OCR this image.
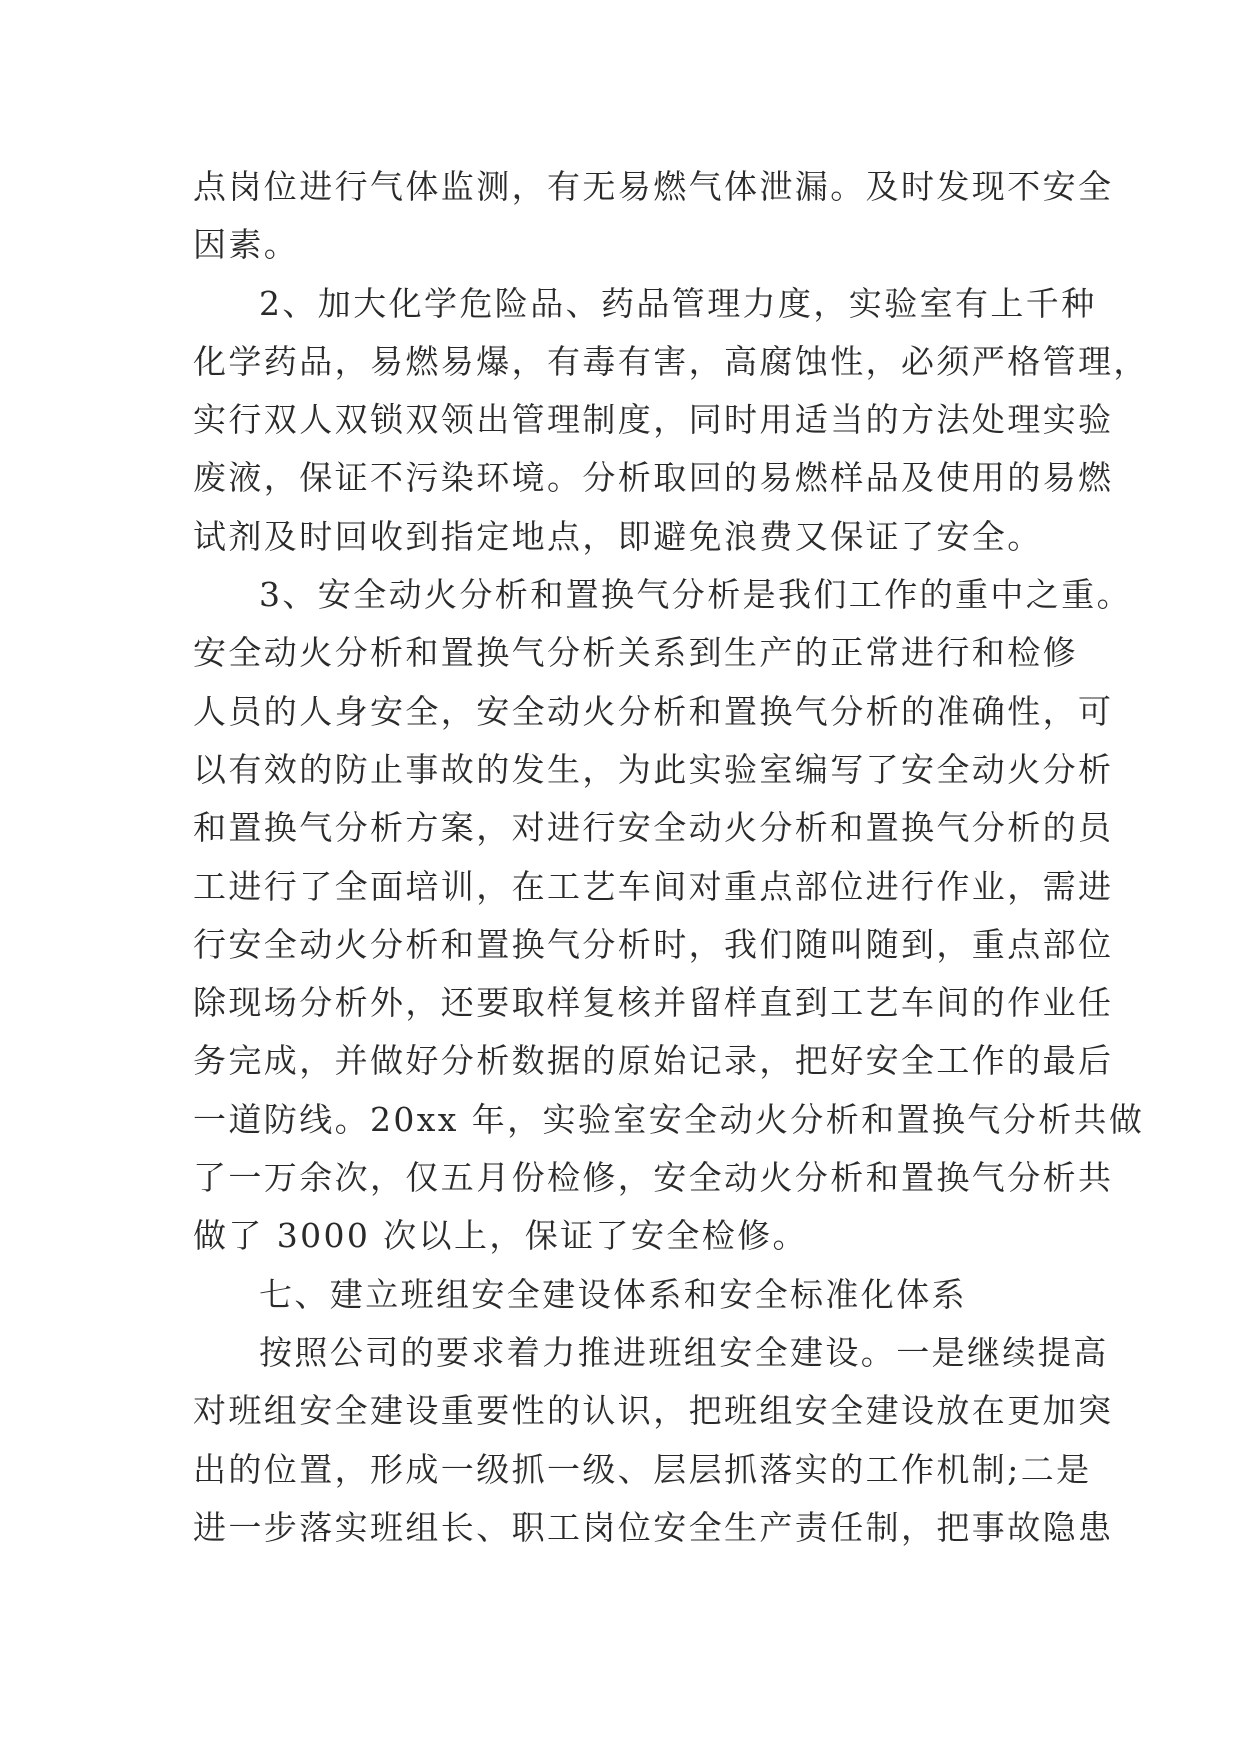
点岗位进行气体监测，有无易燃气体泄漏。及时发现不安全
因素。
2、加大化学危险品、药品管理力度，实验室有上千种
化学药品，易燃易爆，有毒有害，高腐蚀性，必须严格管理，
实行双人双锁双领出管理制度，同时用适当的方法处理实验
废液，保证不污染环境。分析取回的易燃样品及使用的易燃
试剂及时回收到指定地点，即避免浪费又保证了安全。
3、安全动火分析和置换气分析是我们工作的重中之重。
安全动火分析和置换气分析关系到生产的正常进行和检修
人员的人身安全，安全动火分析和置换气分析的准确性，可
以有效的防止事故的发生，为此实验室编写了安全动火分析
和置换气分析方案，对进行安全动火分析和置换气分析的员
工进行了全面培训，在工艺车间对重点部位进行作业，需进
行安全动火分析和置换气分析时，我们随叫随到，重点部位
除现场分析外，还要取样复核并留样直到工艺车间的作业任
务完成，并做好分析数据的原始记录，把好安全工作的最后
一道防线。20xx 年，实验室安全动火分析和置换气分析共做
了一万余次，仅五月份检修，安全动火分析和置换气分析共
做了 3000 次以上，保证了安全检修。
七、建立班组安全建设体系和安全标准化体系
按照公司的要求着力推进班组安全建设。一是继续提高
对班组安全建设重要性的认识，把班组安全建设放在更加突
出的位置，形成一级抓一级、层层抓落实的工作机制;二是
进一步落实班组长、职工岗位安全生产责任制，把事故隐患
